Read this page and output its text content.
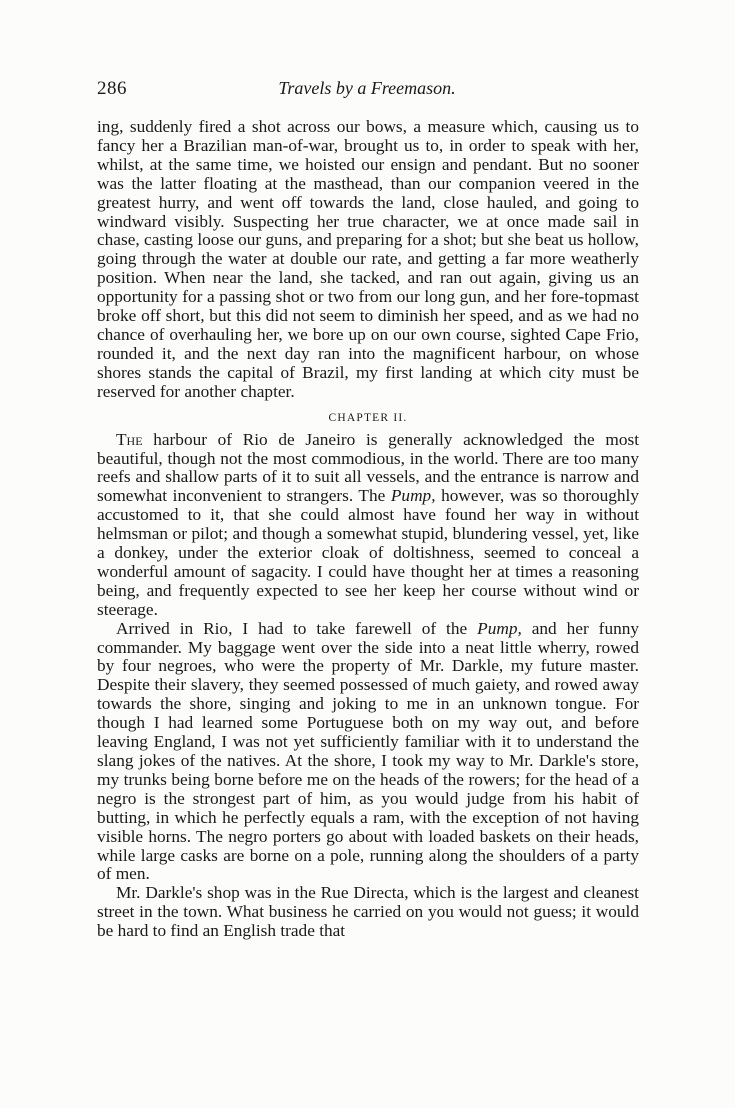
286	Travels by a Freemason.

ing, suddenly fired a shot across our bows, a measure which, causing us to fancy her a Brazilian man-of-war, brought us to, in order to speak with her, whilst, at the same time, we hoisted our ensign and pendant. But no sooner was the latter floating at the masthead, than our companion veered in the greatest hurry, and went off towards the land, close hauled, and going to windward visibly. Suspecting her true character, we at once made sail in chase, casting loose our guns, and preparing for a shot; but she beat us hollow, going through the water at double our rate, and getting a far more weatherly position. When near the land, she tacked, and ran out again, giving us an opportunity for a passing shot or two from our long gun, and her fore-topmast broke off short, but this did not seem to diminish her speed, and as we had no chance of overhauling her, we bore up on our own course, sighted Cape Frio, rounded it, and the next day ran into the magnificent harbour, on whose shores stands the capital of Brazil, my first landing at which city must be reserved for another chapter.

CHAPTER II.

The harbour of Rio de Janeiro is generally acknowledged the most beautiful, though not the most commodious, in the world. There are too many reefs and shallow parts of it to suit all vessels, and the entrance is narrow and somewhat inconvenient to strangers. The Pump, however, was so thoroughly accustomed to it, that she could almost have found her way in without helmsman or pilot; and though a somewhat stupid, blundering vessel, yet, like a donkey, under the exterior cloak of doltishness, seemed to conceal a wonderful amount of sagacity. I could have thought her at times a reasoning being, and frequently expected to see her keep her course without wind or steerage.

Arrived in Rio, I had to take farewell of the Pump, and her funny commander. My baggage went over the side into a neat little wherry, rowed by four negroes, who were the property of Mr. Darkle, my future master. Despite their slavery, they seemed possessed of much gaiety, and rowed away towards the shore, singing and joking to me in an unknown tongue. For though I had learned some Portuguese both on my way out, and before leaving England, I was not yet sufficiently familiar with it to understand the slang jokes of the natives. At the shore, I took my way to Mr. Darkle's store, my trunks being borne before me on the heads of the rowers; for the head of a negro is the strongest part of him, as you would judge from his habit of butting, in which he perfectly equals a ram, with the exception of not having visible horns. The negro porters go about with loaded baskets on their heads, while large casks are borne on a pole, running along the shoulders of a party of men.

Mr. Darkle's shop was in the Rue Directa, which is the largest and cleanest street in the town. What business he carried on you would not guess; it would be hard to find an English trade that
